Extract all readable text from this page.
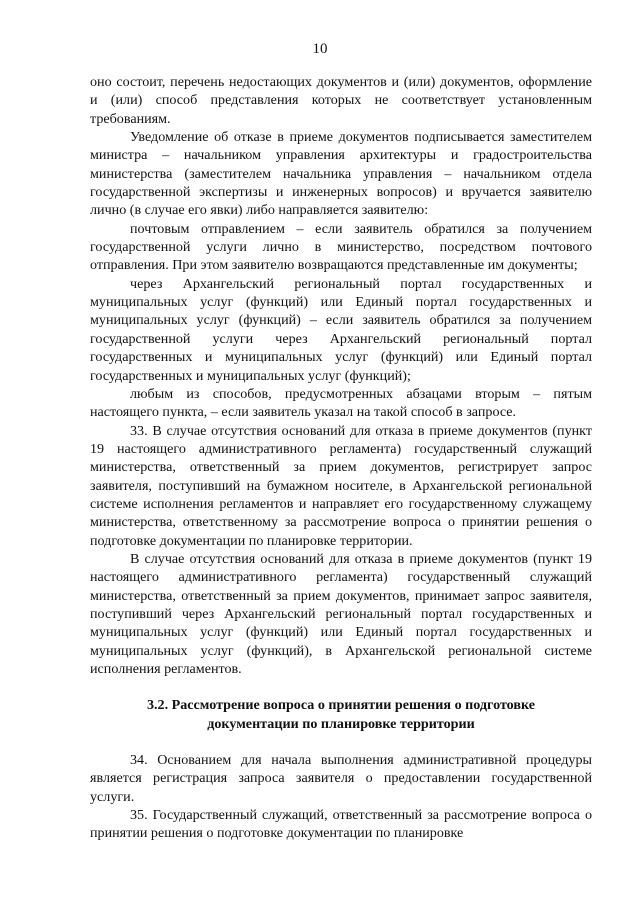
10

оно состоит, перечень недостающих документов и (или) документов, оформление и (или) способ представления которых не соответствует установленным требованиям.

Уведомление об отказе в приеме документов подписывается заместителем министра – начальником управления архитектуры и градостроительства министерства (заместителем начальника управления – начальником отдела государственной экспертизы и инженерных вопросов) и вручается заявителю лично (в случае его явки) либо направляется заявителю:

почтовым отправлением – если заявитель обратился за получением государственной услуги лично в министерство, посредством почтового отправления. При этом заявителю возвращаются представленные им документы;

через Архангельский региональный портал государственных и муниципальных услуг (функций) или Единый портал государственных и муниципальных услуг (функций) – если заявитель обратился за получением государственной услуги через Архангельский региональный портал государственных и муниципальных услуг (функций) или Единый портал государственных и муниципальных услуг (функций);

любым из способов, предусмотренных абзацами вторым – пятым настоящего пункта, – если заявитель указал на такой способ в запросе.

33. В случае отсутствия оснований для отказа в приеме документов (пункт 19 настоящего административного регламента) государственный служащий министерства, ответственный за прием документов, регистрирует запрос заявителя, поступивший на бумажном носителе, в Архангельской региональной системе исполнения регламентов и направляет его государственному служащему министерства, ответственному за рассмотрение вопроса о принятии решения о подготовке документации по планировке территории.

В случае отсутствия оснований для отказа в приеме документов (пункт 19 настоящего административного регламента) государственный служащий министерства, ответственный за прием документов, принимает запрос заявителя, поступивший через Архангельский региональный портал государственных и муниципальных услуг (функций) или Единый портал государственных и муниципальных услуг (функций), в Архангельской региональной системе исполнения регламентов.

3.2. Рассмотрение вопроса о принятии решения о подготовке документации по планировке территории

34. Основанием для начала выполнения административной процедуры является регистрация запроса заявителя о предоставлении государственной услуги.

35. Государственный служащий, ответственный за рассмотрение вопроса о принятии решения о подготовке документации по планировке
